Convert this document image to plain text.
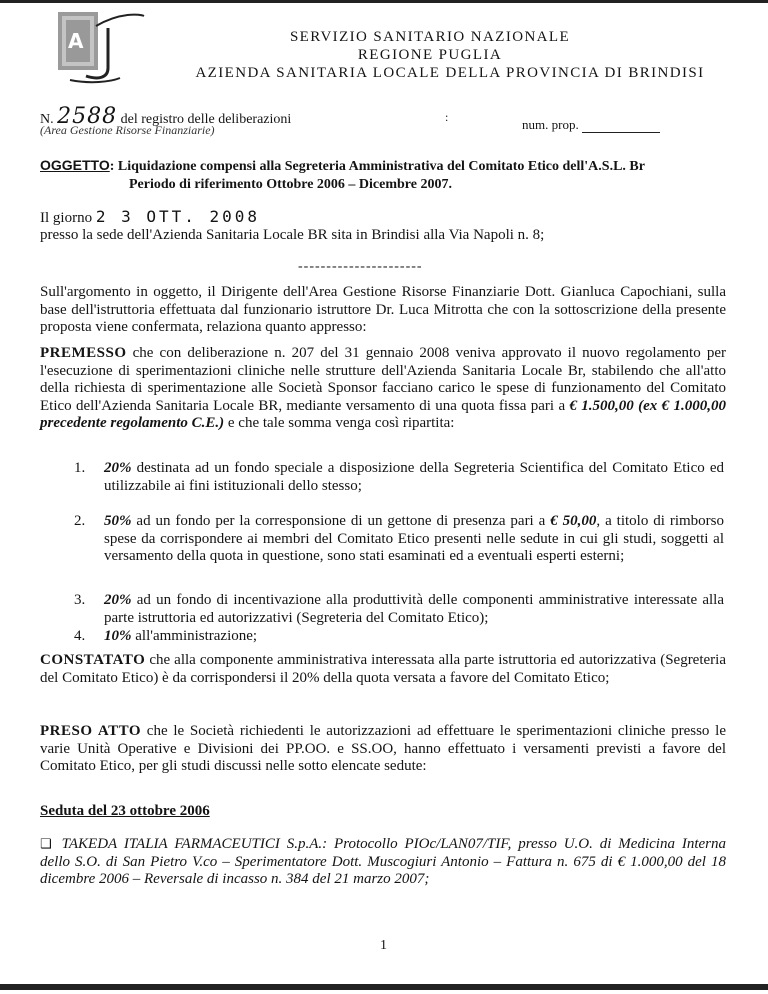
A	SERVIZIO SANITARIO NAZIONALE
REGIONE PUGLIA
AZIENDA SANITARIA LOCALE DELLA PROVINCIA DI BRINDISI
N. 2588 del registro delle deliberazioni
(Area Gestione Risorse Finanziarie)
:	num. prop.
OGGETTO: Liquidazione compensi alla Segreteria Amministrativa del Comitato Etico dell'A.S.L. Br
Periodo di riferimento Ottobre 2006 – Dicembre 2007.
Il giorno 2 3 OTT. 2008
presso la sede dell'Azienda Sanitaria Locale BR sita in Brindisi alla Via Napoli n. 8;
----------------------
Sull'argomento in oggetto, il Dirigente dell'Area Gestione Risorse Finanziarie Dott. Gianluca Capochiani, sulla base dell'istruttoria effettuata dal funzionario istruttore Dr. Luca Mitrotta che con la sottoscrizione della presente proposta viene confermata, relaziona quanto appresso:
PREMESSO che con deliberazione n. 207 del 31 gennaio 2008 veniva approvato il nuovo regolamento per l'esecuzione di sperimentazioni cliniche nelle strutture dell'Azienda Sanitaria Locale Br, stabilendo che all'atto della richiesta di sperimentazione alle Società Sponsor facciano carico le spese di funzionamento del Comitato Etico dell'Azienda Sanitaria Locale BR, mediante versamento di una quota fissa pari a € 1.500,00 (ex € 1.000,00 precedente regolamento C.E.) e che tale somma venga così ripartita:
1.	20% destinata ad un fondo speciale a disposizione della Segreteria Scientifica del Comitato Etico ed utilizzabile ai fini istituzionali dello stesso;
2.	50% ad un fondo per la corresponsione di un gettone di presenza pari a € 50,00, a titolo di rimborso spese da corrispondere ai membri del Comitato Etico presenti nelle sedute in cui gli studi, soggetti al versamento della quota in questione, sono stati esaminati ed a eventuali esperti esterni;
3.	20% ad un fondo di incentivazione alla produttività delle componenti amministrative interessate alla parte istruttoria ed autorizzativi (Segreteria del Comitato Etico);
4.	10% all'amministrazione;
CONSTATATO che alla componente amministrativa interessata alla parte istruttoria ed autorizzativa (Segreteria del Comitato Etico) è da corrispondersi il 20% della quota versata a favore del Comitato Etico;
PRESO ATTO che le Società richiedenti le autorizzazioni ad effettuare le sperimentazioni cliniche presso le varie Unità Operative e Divisioni dei PP.OO. e SS.OO, hanno effettuato i versamenti previsti a favore del Comitato Etico, per gli studi discussi nelle sotto elencate sedute:
Seduta del 23 ottobre 2006
❑ TAKEDA ITALIA FARMACEUTICI S.p.A.: Protocollo PIOc/LAN07/TIF, presso U.O. di Medicina Interna dello S.O. di San Pietro V.co – Sperimentatore Dott. Muscogiuri Antonio – Fattura n. 675 di € 1.000,00 del 18 dicembre 2006 – Reversale di incasso n. 384 del 21 marzo 2007;
1
